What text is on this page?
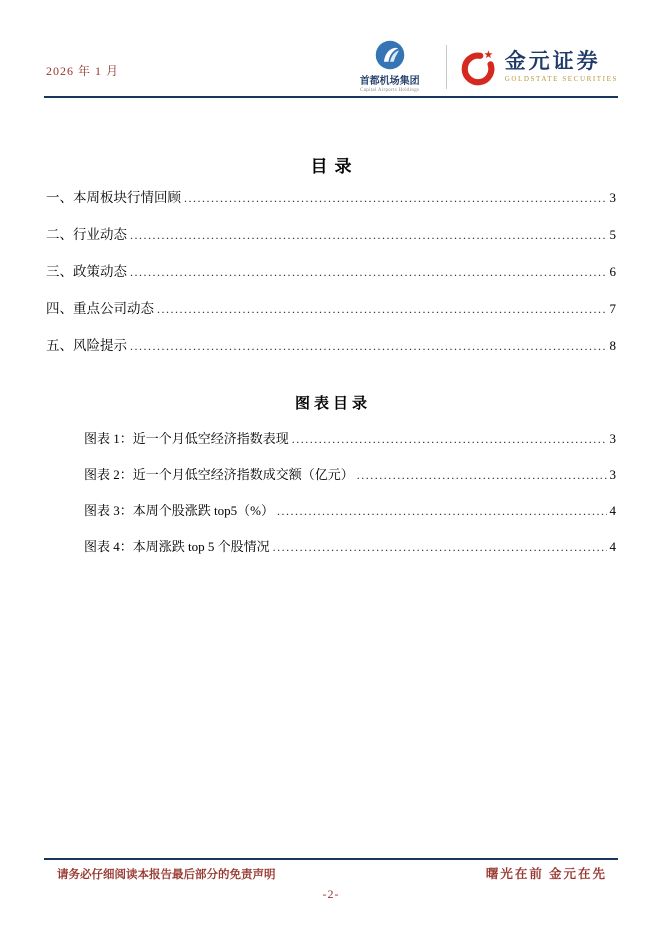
2026 年 1 月
首都机场集团
Capital Airports Holdings
金元证券
GOLDSTATE SECURITIES
目录
一、本周板块行情回顾 .....	3
二、行业动态 .....	5
三、政策动态 .....	6
四、重点公司动态 .....	7
五、风险提示 .....	8
图表目录
图表 1：近一个月低空经济指数表现 .....	3
图表 2：近一个月低空经济指数成交额（亿元） .....	3
图表 3：本周个股涨跌 top5（%） .....	4
图表 4：本周涨跌 top 5 个股情况 .....	4
请务必仔细阅读本报告最后部分的免责声明	曙光在前 金元在先
-2-
